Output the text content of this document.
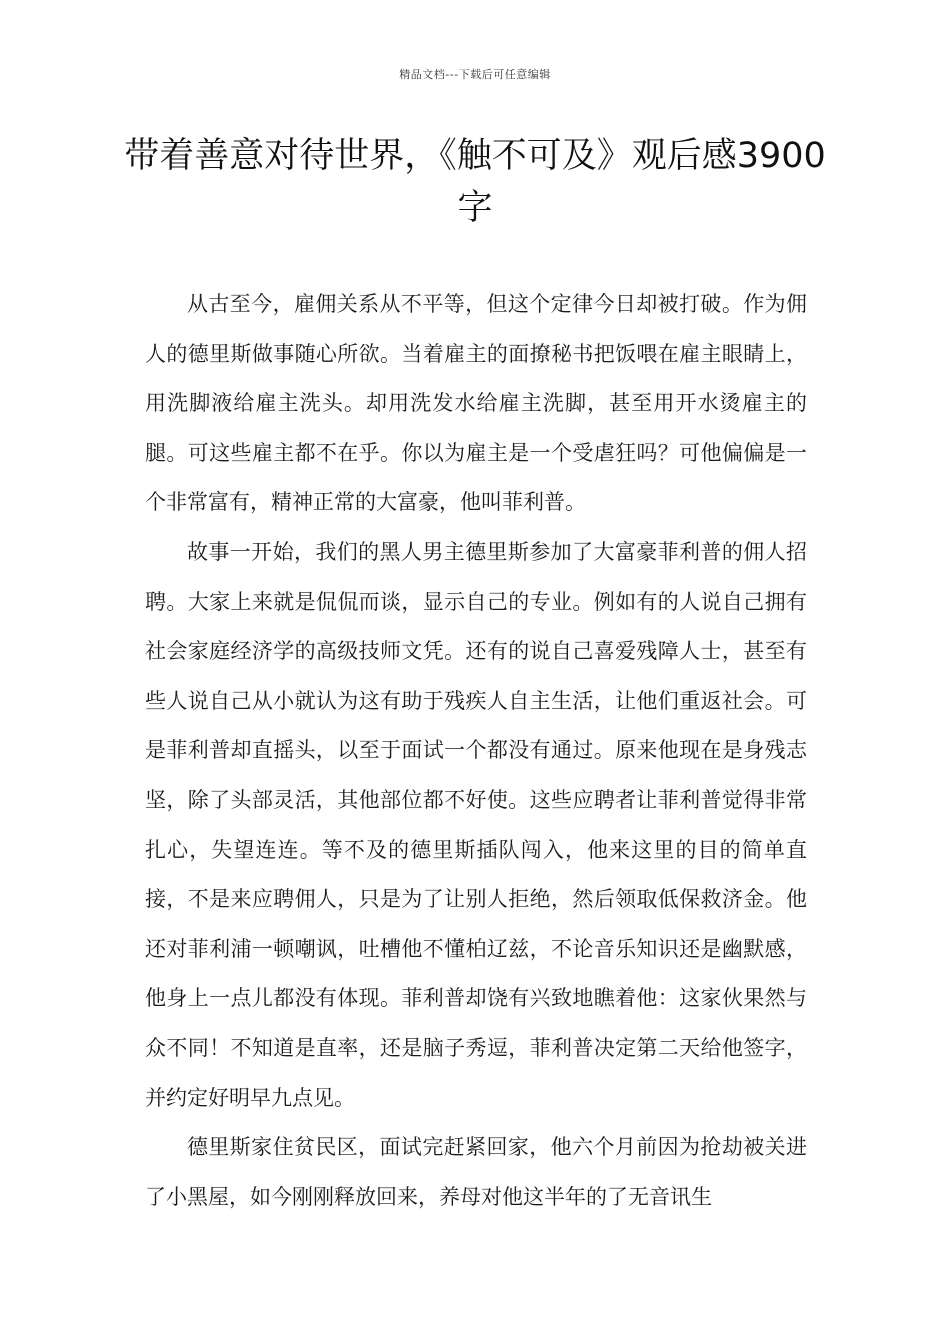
精品文档---下载后可任意编辑
带着善意对待世界，《触不可及》观后感3900字

从古至今，雇佣关系从不平等，但这个定律今日却被打破。作为佣人的德里斯做事随心所欲。当着雇主的面撩秘书把饭喂在雇主眼睛上，用洗脚液给雇主洗头。却用洗发水给雇主洗脚，甚至用开水烫雇主的腿。可这些雇主都不在乎。你以为雇主是一个受虐狂吗？可他偏偏是一个非常富有，精神正常的大富豪，他叫菲利普。

故事一开始，我们的黑人男主德里斯参加了大富豪菲利普的佣人招聘。大家上来就是侃侃而谈，显示自己的专业。例如有的人说自己拥有社会家庭经济学的高级技师文凭。还有的说自己喜爱残障人士，甚至有些人说自己从小就认为这有助于残疾人自主生活，让他们重返社会。可是菲利普却直摇头，以至于面试一个都没有通过。原来他现在是身残志坚，除了头部灵活，其他部位都不好使。这些应聘者让菲利普觉得非常扎心，失望连连。等不及的德里斯插队闯入，他来这里的目的简单直接，不是来应聘佣人，只是为了让别人拒绝，然后领取低保救济金。他还对菲利浦一顿嘲讽，吐槽他不懂柏辽兹，不论音乐知识还是幽默感，他身上一点儿都没有体现。菲利普却饶有兴致地瞧着他：这家伙果然与众不同！不知道是直率，还是脑子秀逗，菲利普决定第二天给他签字，并约定好明早九点见。

德里斯家住贫民区，面试完赶紧回家，他六个月前因为抢劫被关进了小黑屋，如今刚刚释放回来，养母对他这半年的了无音讯生
